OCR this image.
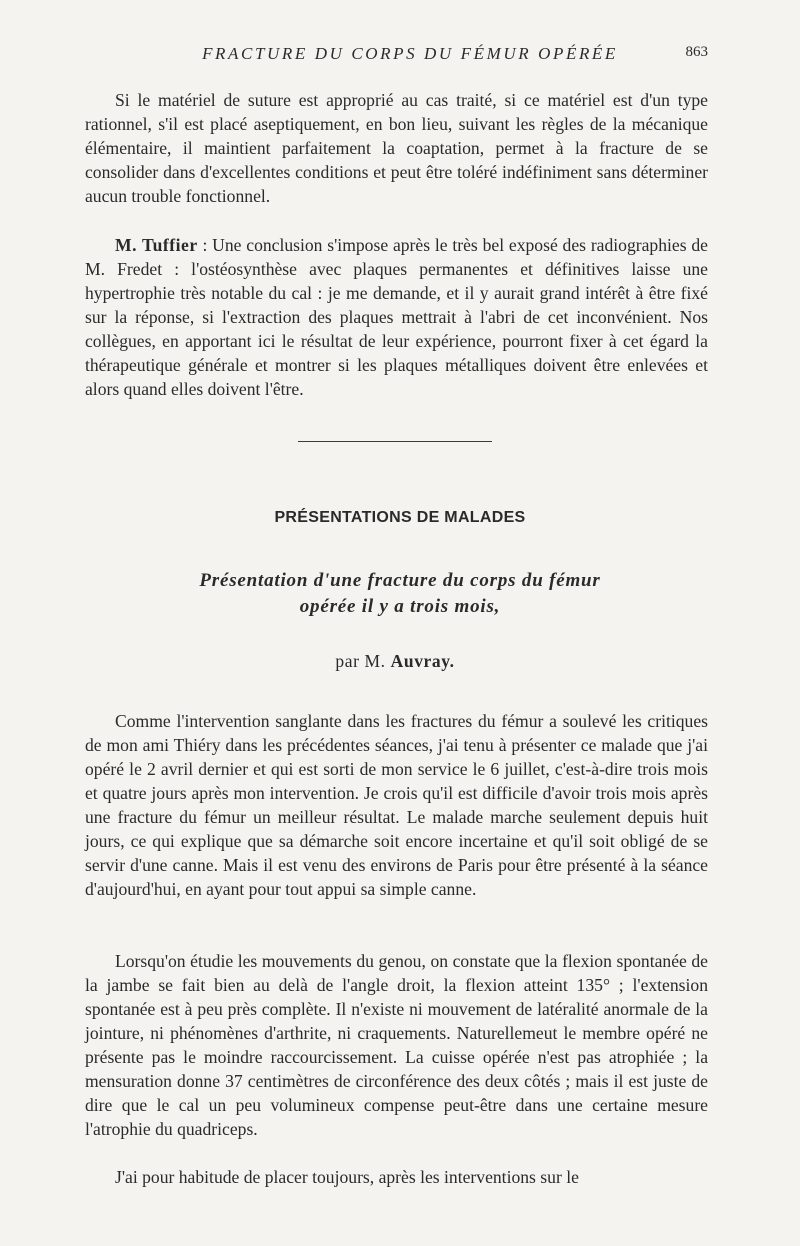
FRACTURE DU CORPS DU FÉMUR OPÉRÉE	863

Si le matériel de suture est approprié au cas traité, si ce matériel est d'un type rationnel, s'il est placé aseptiquement, en bon lieu, suivant les règles de la mécanique élémentaire, il maintient parfaitement la coaptation, permet à la fracture de se consolider dans d'excellentes conditions et peut être toléré indéfiniment sans déterminer aucun trouble fonctionnel.

M. Tuffier : Une conclusion s'impose après le très bel exposé des radiographies de M. Fredet : l'ostéosynthèse avec plaques permanentes et définitives laisse une hypertrophie très notable du cal : je me demande, et il y aurait grand intérêt à être fixé sur la réponse, si l'extraction des plaques mettrait à l'abri de cet inconvénient. Nos collègues, en apportant ici le résultat de leur expérience, pourront fixer à cet égard la thérapeutique générale et montrer si les plaques métalliques doivent être enlevées et alors quand elles doivent l'être.

PRÉSENTATIONS DE MALADES
Présentation d'une fracture du corps du fémur
opérée il y a trois mois,
par M. Auvray.

Comme l'intervention sanglante dans les fractures du fémur a soulevé les critiques de mon ami Thiéry dans les précédentes séances, j'ai tenu à présenter ce malade que j'ai opéré le 2 avril dernier et qui est sorti de mon service le 6 juillet, c'est-à-dire trois mois et quatre jours après mon intervention. Je crois qu'il est difficile d'avoir trois mois après une fracture du fémur un meilleur résultat. Le malade marche seulement depuis huit jours, ce qui explique que sa démarche soit encore incertaine et qu'il soit obligé de se servir d'une canne. Mais il est venu des environs de Paris pour être présenté à la séance d'aujourd'hui, en ayant pour tout appui sa simple canne.

Lorsqu'on étudie les mouvements du genou, on constate que la flexion spontanée de la jambe se fait bien au delà de l'angle droit, la flexion atteint 135° ; l'extension spontanée est à peu près complète. Il n'existe ni mouvement de latéralité anormale de la jointure, ni phénomènes d'arthrite, ni craquements. Naturellemeut le membre opéré ne présente pas le moindre raccourcissement. La cuisse opérée n'est pas atrophiée ; la mensuration donne 37 centimètres de circonférence des deux côtés ; mais il est juste de dire que le cal un peu volumineux compense peut-être dans une certaine mesure l'atrophie du quadriceps.

J'ai pour habitude de placer toujours, après les interventions sur le
